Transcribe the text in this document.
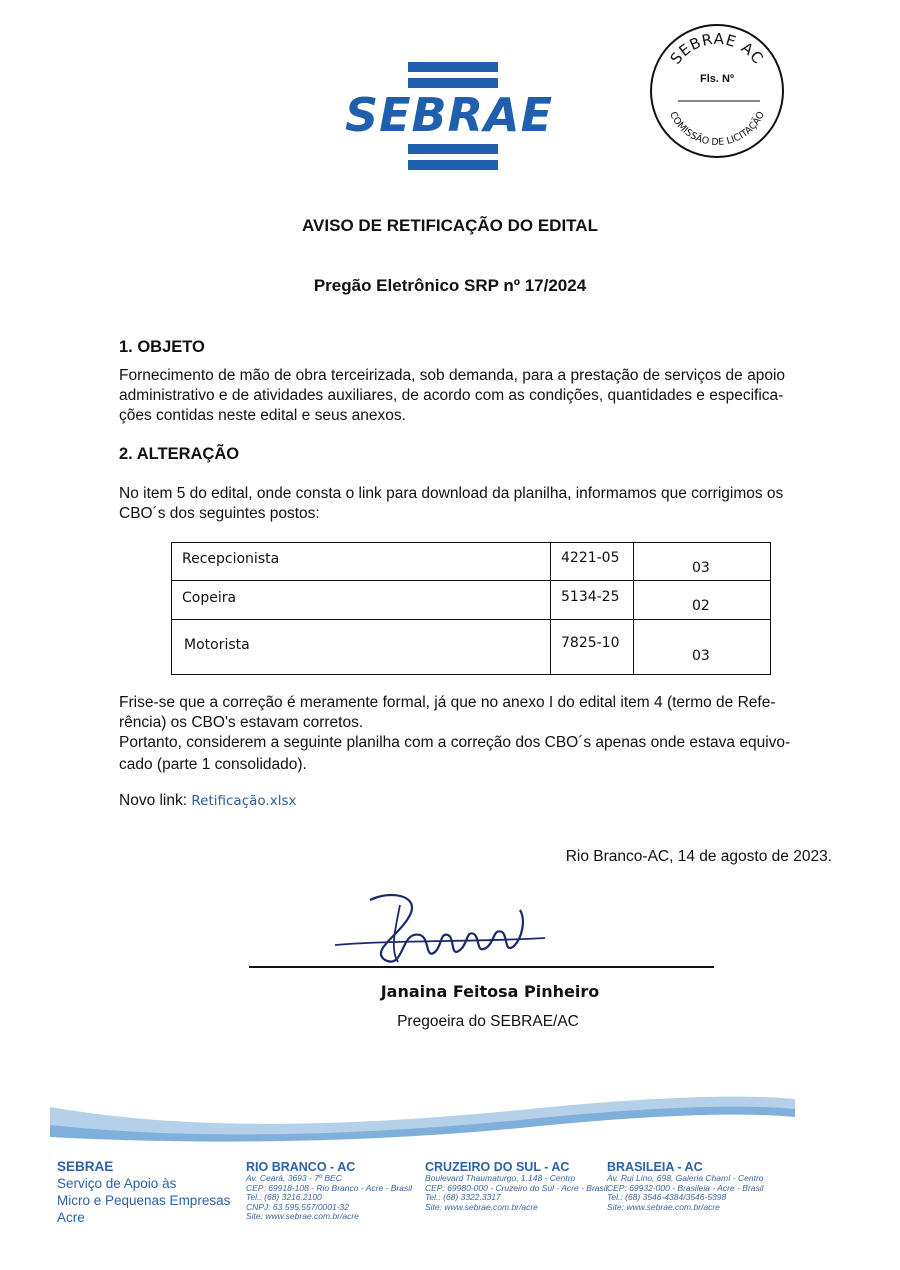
SEBRAE
SEBRAE AC
Fls. Nº
COMISSÃO DE LICITAÇÃO
AVISO DE RETIFICAÇÃO DO EDITAL
Pregão Eletrônico SRP nº 17/2024
1. OBJETO

Fornecimento de mão de obra terceirizada, sob demanda, para a prestação de serviços de apoio

administrativo e de atividades auxiliares, de acordo com as condições, quantidades e especifica-

ções contidas neste edital e seus anexos.

2. ALTERAÇÃO

No item 5 do edital, onde consta o link para download da planilha, informamos que corrigimos os

CBO´s dos seguintes postos:

Recepcionista	4221-05	03

Copeira	5134-25	02

Motorista	7825-10	03

Frise-se que a correção é meramente formal, já que no anexo I do edital item 4 (termo de Refe-

rência) os CBO's estavam corretos.

Portanto, considerem a seguinte planilha com a correção dos CBO´s apenas onde estava equivo-

cado (parte 1 consolidado).

Novo link: Retificação.xlsx
Rio Branco-AC, 14 de agosto de 2023.
Janaina Feitosa Pinheiro
Pregoeira do SEBRAE/AC
SEBRAE
Serviço de Apoio às
Micro e Pequenas Empresas
Acre
RIO BRANCO - AC
Av. Ceará, 3693 - 7º BEC
CEP: 69918-108 - Rio Branco - Acre - Brasil
Tel.: (68) 3216.2100
CNPJ: 63.595.557/0001-32
Site: www.sebrae.com.br/acre
CRUZEIRO DO SUL - AC
Boulevard Thaumaturgo, 1.148 - Centro
CEP: 69980-000 - Cruzeiro do Sul - Acre - Brasil
Tel.: (68) 3322.3317
Site: www.sebrae.com.br/acre
BRASILEIA - AC
Av. Rui Lino, 698, Galeria Chamí - Centro
CEP: 69932-000 - Brasileia - Acre - Brasil
Tel.: (68) 3546-4384/3546-5398
Site: www.sebrae.com.br/acre
